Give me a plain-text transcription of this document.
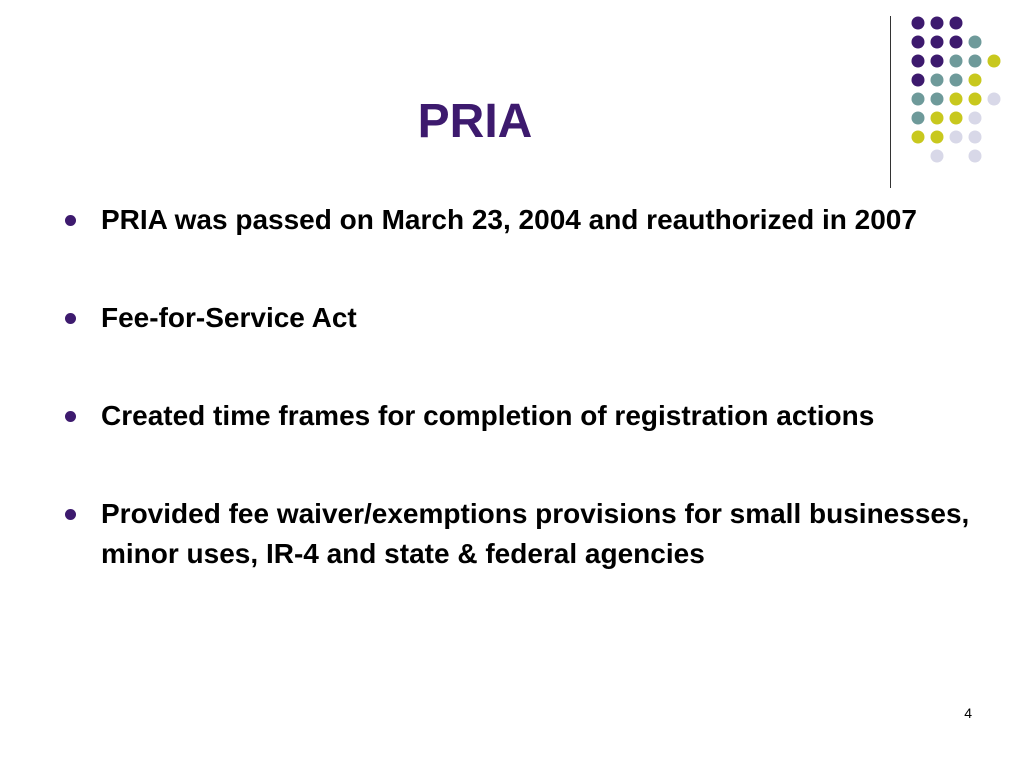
PRIA
PRIA was passed on March 23, 2004 and reauthorized in 2007
Fee-for-Service Act
Created time frames for completion of registration actions
Provided fee waiver/exemptions provisions for small businesses, minor uses, IR-4 and state & federal agencies
4
